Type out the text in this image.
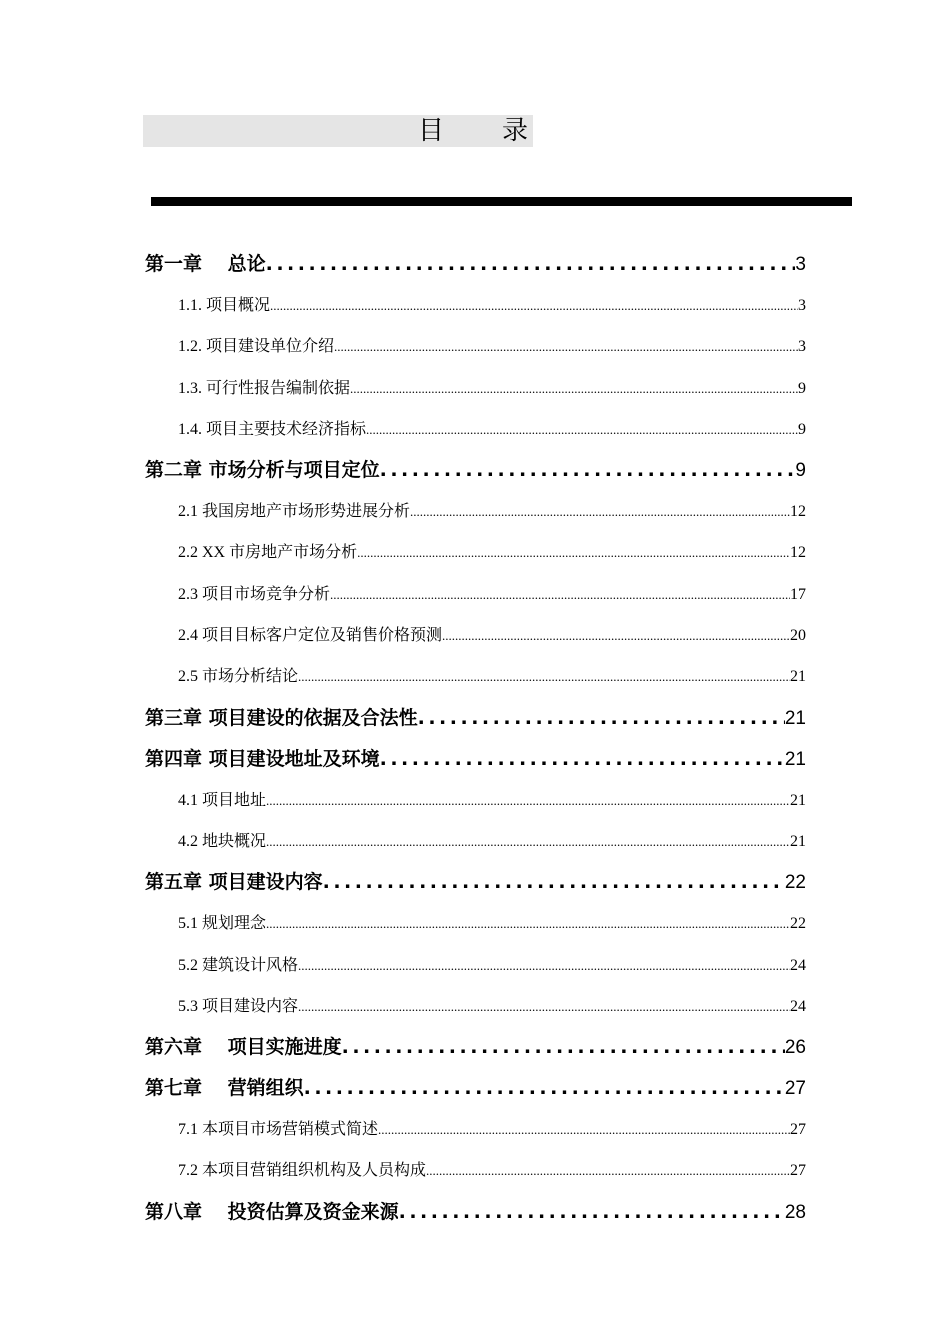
目录
第一章　 总论 .....	3
1.1. 项目概况 .....	3
1.2. 项目建设单位介绍 .....	3
1.3. 可行性报告编制依据 .....	9
1.4. 项目主要技术经济指标 .....	9
第二章 市场分析与项目定位 .....	9
2.1 我国房地产市场形势进展分析 .....	12
2.2 XX 市房地产市场分析 .....	12
2.3 项目市场竞争分析 .....	17
2.4 项目目标客户定位及销售价格预测 .....	20
2.5 市场分析结论 .....	21
第三章 项目建设的依据及合法性 .....	21
第四章 项目建设地址及环境 .....	21
4.1 项目地址 .....	21
4.2 地块概况 .....	21
第五章 项目建设内容 .....	22
5.1 规划理念 .....	22
5.2 建筑设计风格 .....	24
5.3 项目建设内容 .....	24
第六章　 项目实施进度 .....	26
第七章　 营销组织 .....	27
7.1 本项目市场营销模式简述 .....	27
7.2 本项目营销组织机构及人员构成 .....	27
第八章　 投资估算及资金来源 .....	28
